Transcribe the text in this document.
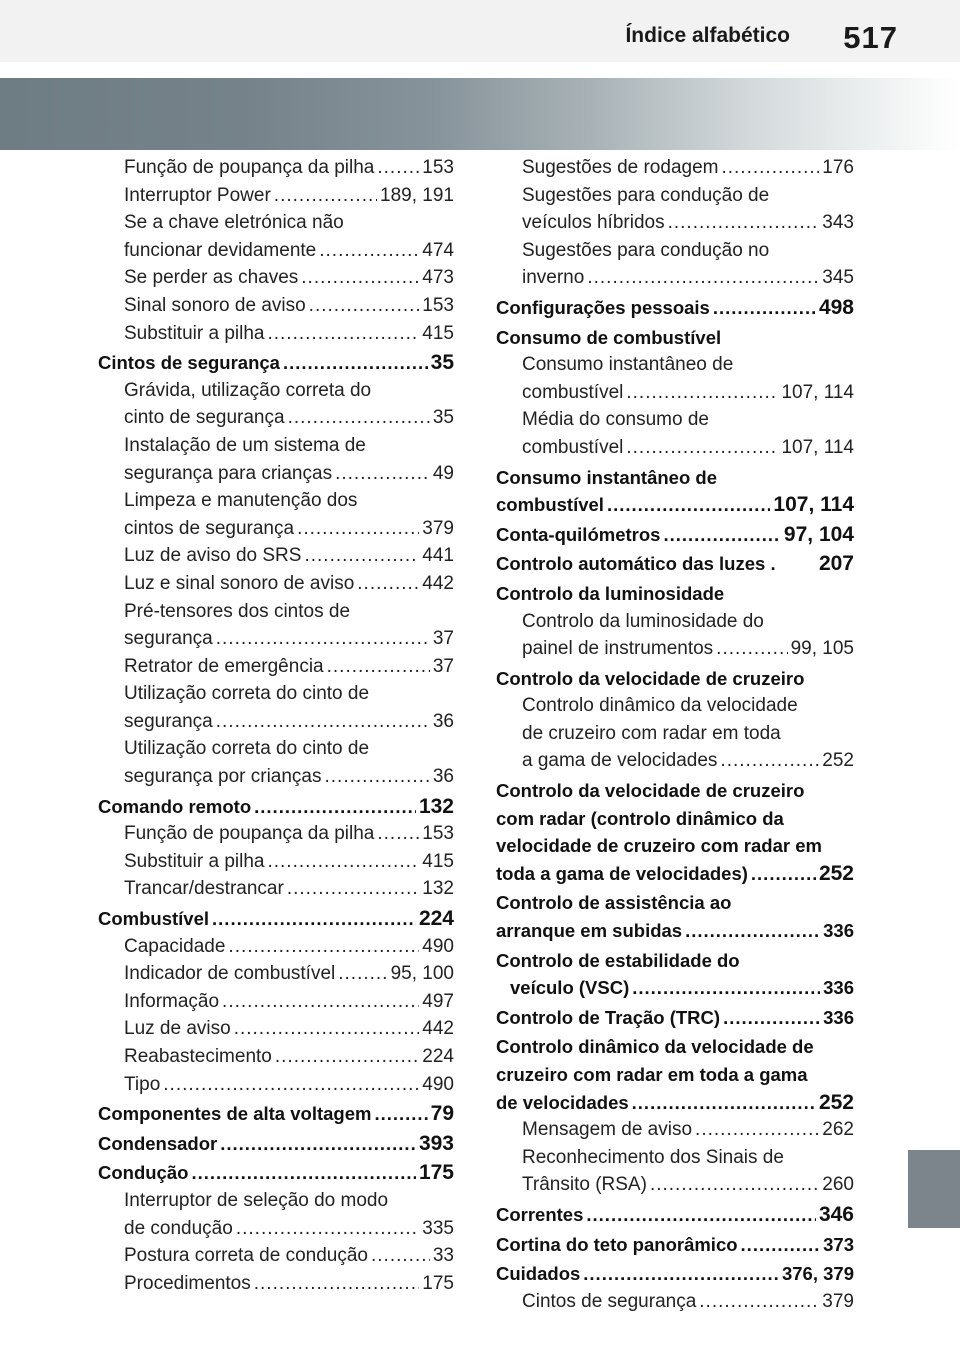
Índice alfabético 517
Função de poupança da pilha .....	153
Interruptor Power .....	189, 191
Se a chave eletrónica não
funcionar devidamente .....	474
Se perder as chaves .....	473
Sinal sonoro de aviso .....	153
Substituir a pilha .....	415
Cintos de segurança .....	35
Grávida, utilização correta do
cinto de segurança .....	35
Instalação de um sistema de
segurança para crianças .....	49
Limpeza e manutenção dos
cintos de segurança .....	379
Luz de aviso do SRS .....	441
Luz e sinal sonoro de aviso .....	442
Pré-tensores dos cintos de
segurança .....	37
Retrator de emergência .....	37
Utilização correta do cinto de
segurança .....	36
Utilização correta do cinto de
segurança por crianças .....	36
Comando remoto .....	132
Função de poupança da pilha .....	153
Substituir a pilha .....	415
Trancar/destrancar .....	132
Combustível .....	224
Capacidade .....	490
Indicador de combustível .....	95, 100
Informação .....	497
Luz de aviso .....	442
Reabastecimento .....	224
Tipo .....	490
Componentes de alta voltagem .....	79
Condensador .....	393
Condução .....	175
Interruptor de seleção do modo
de condução .....	335
Postura correta de condução .....	33
Procedimentos .....	175
Sugestões de rodagem .....	176
Sugestões para condução de
veículos híbridos .....	343
Sugestões para condução no
inverno .....	345
Configurações pessoais .....	498
Consumo de combustível
Consumo instantâneo de
combustível .....	107, 114
Média do consumo de
combustível .....	107, 114
Consumo instantâneo de
combustível .....	107, 114
Conta-quilómetros .....	97, 104
Controlo automático das luzes . 207
Controlo da luminosidade
Controlo da luminosidade do
painel de instrumentos .....	99, 105
Controlo da velocidade de cruzeiro
Controlo dinâmico da velocidade
de cruzeiro com radar em toda
a gama de velocidades .....	252
Controlo da velocidade de cruzeiro
com radar (controlo dinâmico da
velocidade de cruzeiro com radar em
toda a gama de velocidades) .....	252
Controlo de assistência ao
arranque em subidas .....	336
Controlo de estabilidade do
veículo (VSC) .....	336
Controlo de Tração (TRC) .....	336
Controlo dinâmico da velocidade de
cruzeiro com radar em toda a gama
de velocidades .....	252
Mensagem de aviso .....	262
Reconhecimento dos Sinais de
Trânsito (RSA) .....	260
Correntes .....	346
Cortina do teto panorâmico .....	373
Cuidados .....	376, 379
Cintos de segurança .....	379
